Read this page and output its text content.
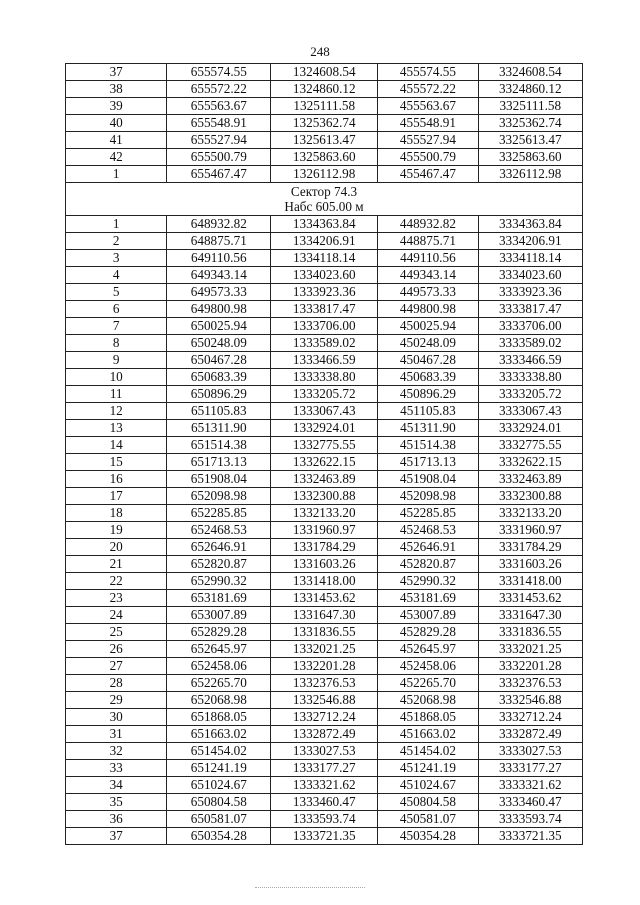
248
37	655574.55	1324608.54	455574.55	3324608.54
38	655572.22	1324860.12	455572.22	3324860.12
39	655563.67	1325111.58	455563.67	3325111.58
40	655548.91	1325362.74	455548.91	3325362.74
41	655527.94	1325613.47	455527.94	3325613.47
42	655500.79	1325863.60	455500.79	3325863.60
1	655467.47	1326112.98	455467.47	3326112.98

Сектор 74.3
Набс 605.00 м				

1	648932.82	1334363.84	448932.82	3334363.84
2	648875.71	1334206.91	448875.71	3334206.91
3	649110.56	1334118.14	449110.56	3334118.14
4	649343.14	1334023.60	449343.14	3334023.60
5	649573.33	1333923.36	449573.33	3333923.36
6	649800.98	1333817.47	449800.98	3333817.47
7	650025.94	1333706.00	450025.94	3333706.00
8	650248.09	1333589.02	450248.09	3333589.02
9	650467.28	1333466.59	450467.28	3333466.59
10	650683.39	1333338.80	450683.39	3333338.80
11	650896.29	1333205.72	450896.29	3333205.72
12	651105.83	1333067.43	451105.83	3333067.43
13	651311.90	1332924.01	451311.90	3332924.01
14	651514.38	1332775.55	451514.38	3332775.55
15	651713.13	1332622.15	451713.13	3332622.15
16	651908.04	1332463.89	451908.04	3332463.89
17	652098.98	1332300.88	452098.98	3332300.88
18	652285.85	1332133.20	452285.85	3332133.20
19	652468.53	1331960.97	452468.53	3331960.97
20	652646.91	1331784.29	452646.91	3331784.29
21	652820.87	1331603.26	452820.87	3331603.26
22	652990.32	1331418.00	452990.32	3331418.00
23	653181.69	1331453.62	453181.69	3331453.62
24	653007.89	1331647.30	453007.89	3331647.30
25	652829.28	1331836.55	452829.28	3331836.55
26	652645.97	1332021.25	452645.97	3332021.25
27	652458.06	1332201.28	452458.06	3332201.28
28	652265.70	1332376.53	452265.70	3332376.53
29	652068.98	1332546.88	452068.98	3332546.88
30	651868.05	1332712.24	451868.05	3332712.24
31	651663.02	1332872.49	451663.02	3332872.49
32	651454.02	1333027.53	451454.02	3333027.53
33	651241.19	1333177.27	451241.19	3333177.27
34	651024.67	1333321.62	451024.67	3333321.62
35	650804.58	1333460.47	450804.58	3333460.47
36	650581.07	1333593.74	450581.07	3333593.74
37	650354.28	1333721.35	450354.28	3333721.35
